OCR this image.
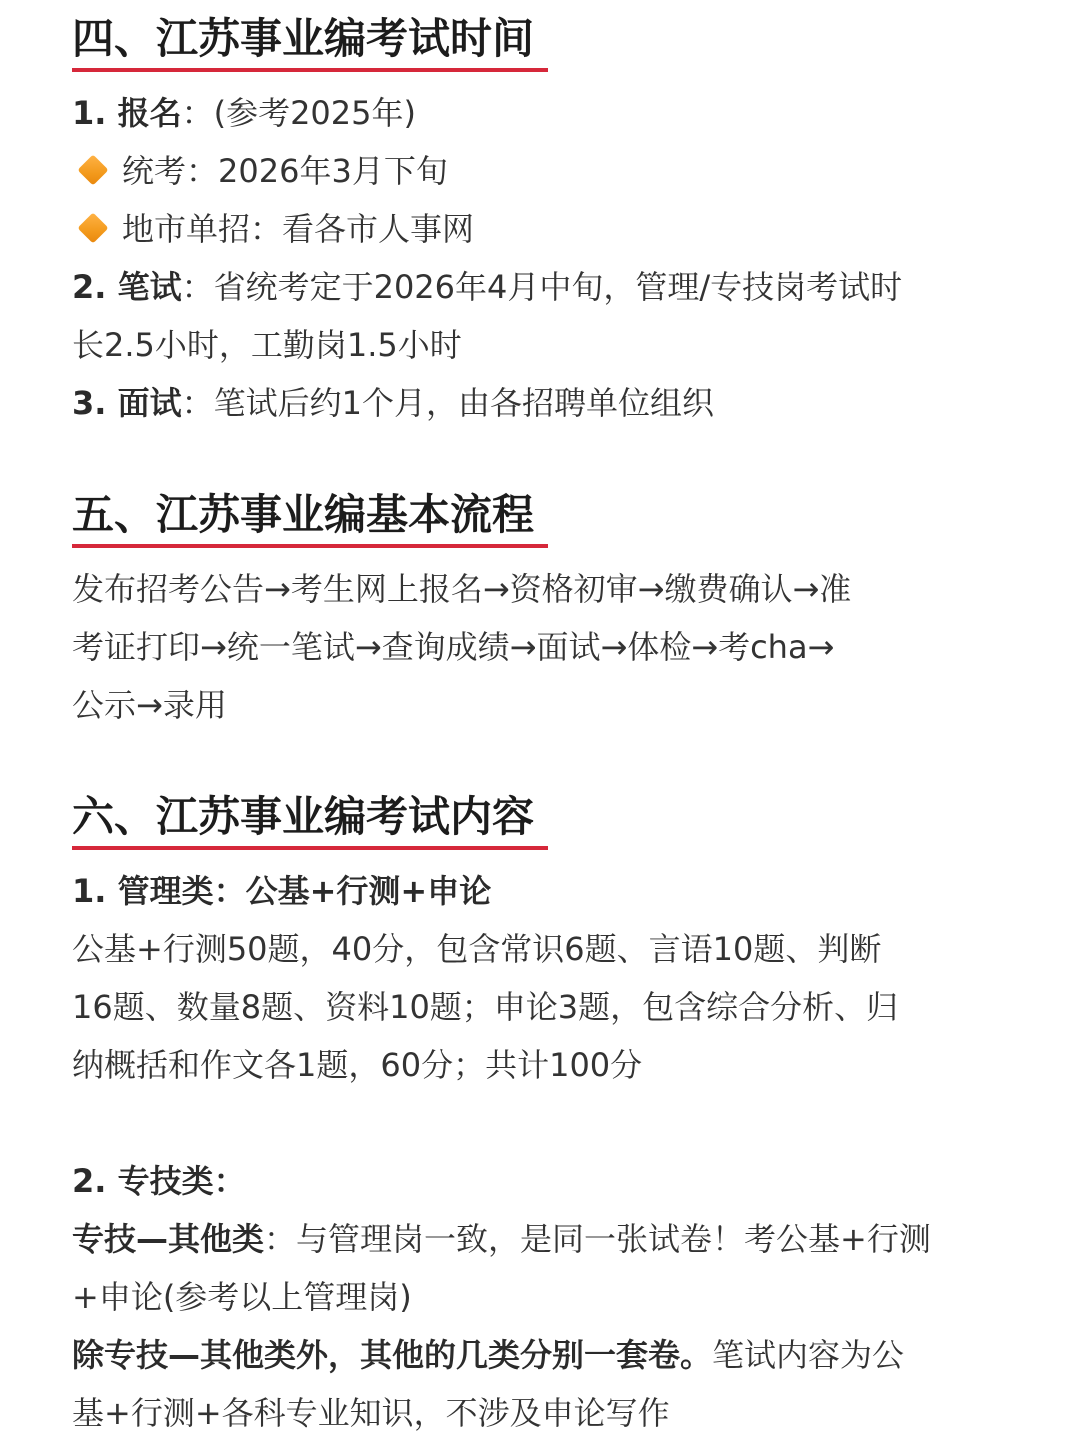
四、江苏事业编考试时间
1. 报名：(参考2025年)
统考：2026年3月下旬
地市单招：看各市人事网
2. 笔试：省统考定于2026年4月中旬，管理/专技岗考试时
长2.5小时，工勤岗1.5小时
3. 面试：笔试后约1个月，由各招聘单位组织
五、江苏事业编基本流程
发布招考公告→考生网上报名→资格初审→缴费确认→准
考证打印→统一笔试→查询成绩→面试→体检→考cha→
公示→录用
六、江苏事业编考试内容
1. 管理类：公基+行测+申论
公基+行测50题，40分，包含常识6题、言语10题、判断
16题、数量8题、资料10题；申论3题，包含综合分析、归
纳概括和作文各1题，60分；共计100分
2. 专技类：
专技—其他类：与管理岗一致，是同一张试卷！考公基+行测
+申论(参考以上管理岗)
除专技—其他类外，其他的几类分别一套卷。笔试内容为公
基+行测+各科专业知识，不涉及申论写作
